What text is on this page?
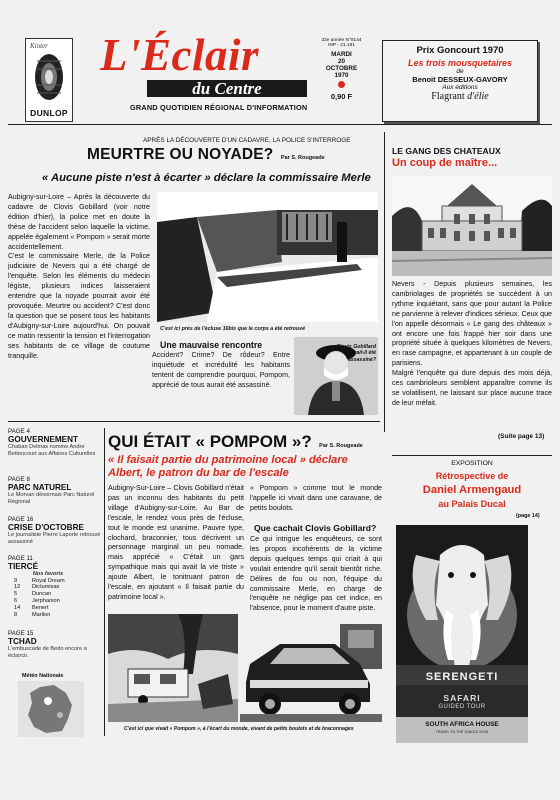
Kinter
DUNLOP
L'Éclair
du Centre
GRAND QUOTIDIEN RÉGIONAL D'INFORMATION
32e année N°8144
NIP - 21.191
MARDI
20
OCTOBRE
1970
0,90 F
Prix Goncourt 1970
Les trois mousquetaires
de
Benoit DESSEUX-GAVORY
Aux éditions
Flagrant d'élie
APRÈS LA DÉCOUVERTE D'UN CADAVRE, LA POLICE S'INTERROGE
MEURTRE OU NOYADE? Par S. Rougeade
« Aucune piste n'est à écarter » déclare la commissaire Merle

Aubigny-sur-Loire – Après la découverte du cadavre de Clovis Gobillard (voir notre édition d'hier), la police met en doute la thèse de l'accident selon laquelle la victime, appelée également « Pompom » serait morte accidentellement.

C'est le commissaire Merle, de la Police judiciaire de Nevers qui a été chargé de l'enquête. Selon les éléments du médecin légiste, plusieurs indices laisseraient entendre que la noyade pourrait avoir été provoquée. Meurtre ou accident? C'est donc la question que se posent tous les habitants d'Aubigny-sur-Loire aujourd'hui. On pouvait ce matin ressentir la tension et l'interrogation ses habitants de ce village de coutume tranquille.

C'est ici près de l'écluse 16bis que le corps a été retrouvé
Une mauvaise rencontre
Accident? Crime? De rôdeur? Entre inquiétude et incrédulité les habitants tentent de comprendre pourquoi, Pompom, apprécié de tous aurait été assassiné.
Clovis Gobillard aurait-il été assassiné?
LE GANG DES CHATEAUX
Un coup de maître...

Nevers - Depuis plusieurs semaines, les cambriolages de propriétés se succèdent à un rythme inquiétant, sans que pour autant la Police ne parvienne à relever d'indices sérieux. Ceux que l'on appelle désormais « Le gang des châteaux » ont encore une fois frappé hier soir dans une propriété située à quelques kilomètres de Nevers, en rase campagne, et appartenant à un couple de parisiens.

Malgré l'enquête qui dure depuis des mois déjà, ces cambrioleurs semblent apparaître comme ils se volatilisent, ne laissant sur place aucune trace de leur méfait.

(Suite page 13)
PAGE 4
GOUVERNEMENT
Chaban Delmas nomme Andre Bettencourt aux Affaires Culturelles
PAGE 8
PARC NATUREL
Le Morvan désormais Parc Naturel Régional
PAGE 16
CRISE D'OCTOBRE
Le journaliste Pierre Laporte retrouvé assassiné
PAGE 11
TIERCÉ
Nos favoris
9	Royal Dream
12	Dictumisas
5	Duncan
6	Jerphanion
14	Benert
8	Marlion
PAGE 15
TCHAD
L'embuscade de Bedo encore à éclaircir.
Météo Nationale
QUI ÉTAIT « POMPOM »? Par S. Rougeade
« Il faisait partie du patrimoine local » déclare
Albert, le patron du bar de l'escale
Aubigny-Sur-Loire – Clovis Gobillard n'était pas un inconnu des habitants du petit village d'Aubigny-sur-Loire. Au Bar de l'escale, le rendez vous près de l'écluse, tout le monde est unanime. Pauvre type, clochard, braconnier, tous décrivent un personnage marginal un peu nomade, mais apprécié « C'était un gars sympathique mais qui avait la vie triste » ajoute Albert, le tonitruant patron de l'escale, en ajoutant « Il faisait partie du patrimoine local ».
« Pompom » comme tout le monde l'appelle ici vivait dans une caravane, de petits boulots.
Que cachait Clovis Gobillard?
Ce qui intrigue les enquêteurs, ce sont les propos incohérents de la victime depuis quelques temps qui criait à qui voulait entendre qu'il serait bientôt riche. Délires de fou ou non, l'équipe du commissaire Merle, en charge de l'enquête ne néglige pas cet indice, en l'absence, pour le moment d'autre piste.
C'est ici que vivait « Pompom », à l'écart du monde, vivant de petits boulots et de braconnages
EXPOSITION
Rétrospective de
Daniel Armengaud
au Palais Ducal
(page 14)
SERENGETI
SAFARI
GUIDED TOUR
SOUTH AFRICA HOUSE
TRAVEL TO THE JUNGLE NOW
